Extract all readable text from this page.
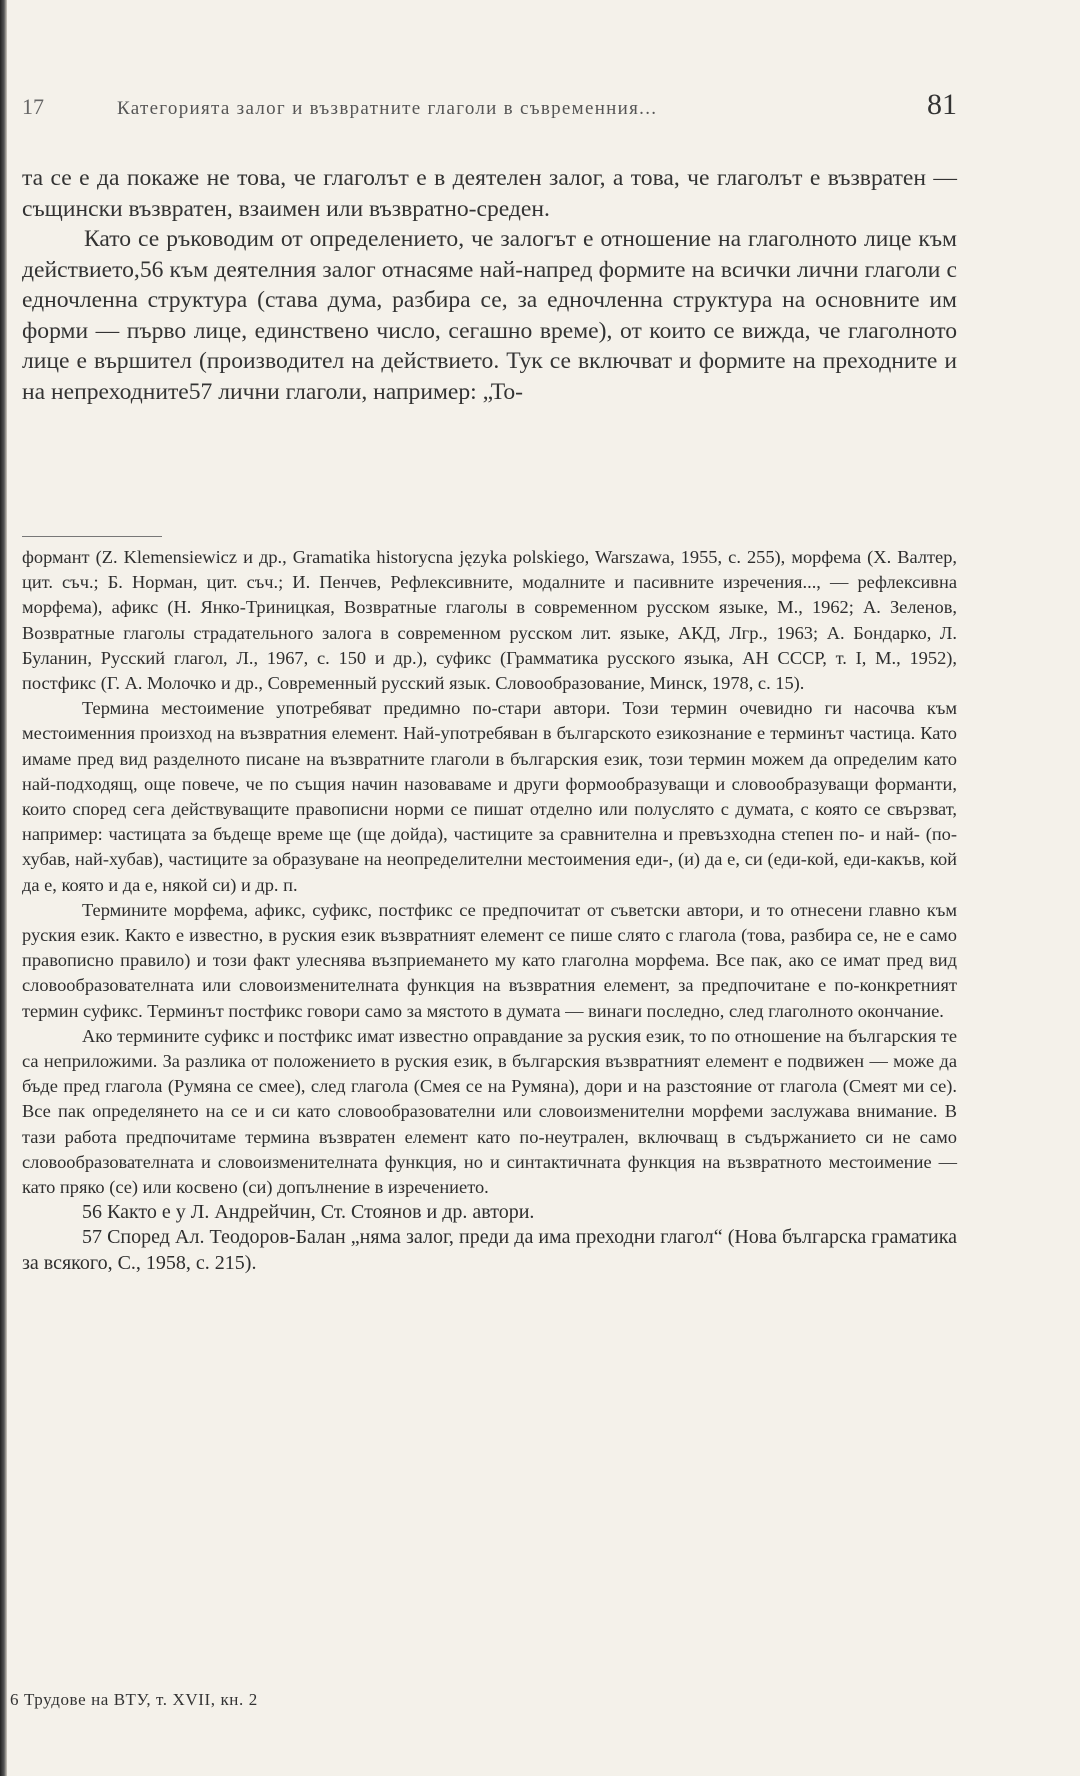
17	Категорията залог и възвратните глаголи в съвременния...	81

та се е да покаже не това, че глаголът е в деятелен залог, а това, че глаголът е възвратен — същински възвратен, взаимен или възвратно-среден.

Като се ръководим от определението, че залогът е отношение на глаголното лице към действието,56 към деятелния залог отнасяме най-напред формите на всички лични глаголи с едночленна структура (става дума, разбира се, за едночленна структура на основните им форми — първо лице, единствено число, сегашно време), от които се вижда, че глаголното лице е вършител (производител на действието. Тук се включват и формите на преходните и на непреходните57 лични глаголи, например: „То-

формант (Z. Klemensiewicz и др., Gramatika historycna języka polskiego, Warszawa, 1955, с. 255), морфема (Х. Валтер, цит. съч.; Б. Норман, цит. съч.; И. Пенчев, Рефлексивните, модалните и пасивните изречения..., — рефлексивна морфема), афикс (Н. Янко-Триницкая, Возвратные глаголы в современном русском языке, М., 1962; А. Зеленов, Возвратные глаголы страдательного залога в современном русском лит. языке, АКД, Лгр., 1963; А. Бондарко, Л. Буланин, Русский глагол, Л., 1967, с. 150 и др.), суфикс (Грамматика русского языка, АН СССР, т. I, М., 1952), постфикс (Г. А. Молочко и др., Современный русский язык. Словообразование, Минск, 1978, с. 15).

Термина местоимение употребяват предимно по-стари автори. Този термин очевидно ги насочва към местоименния произход на възвратния елемент. Най-употребяван в българското езикознание е терминът частица. Като имаме пред вид разделното писане на възвратните глаголи в българския език, този термин можем да определим като най-подходящ, още повече, че по същия начин назоваваме и други формообразуващи и словообразуващи форманти, които според сега действуващите правописни норми се пишат отделно или полуслято с думата, с която се свързват, например: частицата за бъдеще време ще (ще дойда), частиците за сравнителна и превъзходна степен по- и най- (по-хубав, най-хубав), частиците за образуване на неопределителни местоимения еди-, (и) да е, си (еди-кой, еди-какъв, кой да е, която и да е, някой си) и др. п.

Термините морфема, афикс, суфикс, постфикс се предпочитат от съветски автори, и то отнесени главно към руския език. Както е известно, в руския език възвратният елемент се пише слято с глагола (това, разбира се, не е само правописно правило) и този факт улеснява възприемането му като глаголна морфема. Все пак, ако се имат пред вид словообразователната или словоизменителната функция на възвратния елемент, за предпочитане е по-конкретният термин суфикс. Терминът постфикс говори само за мястото в думата — винаги последно, след глаголното окончание.

Ако термините суфикс и постфикс имат известно оправдание за руския език, то по отношение на българския те са неприложими. За разлика от положението в руския език, в българския възвратният елемент е подвижен — може да бъде пред глагола (Румяна се смее), след глагола (Смея се на Румяна), дори и на разстояние от глагола (Смеят ми се). Все пак определянето на се и си като словообразователни или словоизменителни морфеми заслужава внимание. В тази работа предпочитаме термина възвратен елемент като по-неутрален, включващ в съдържанието си не само словообразователната и словоизменителната функция, но и синтактичната функция на възвратното местоимение — като пряко (се) или косвено (си) допълнение в изречението.

56 Както е у Л. Андрейчин, Ст. Стоянов и др. автори.

57 Според Ал. Теодоров-Балан „няма залог, преди да има преходни глагол“ (Нова българска граматика за всякого, С., 1958, с. 215).

6 Трудове на ВТУ, т. XVII, кн. 2
